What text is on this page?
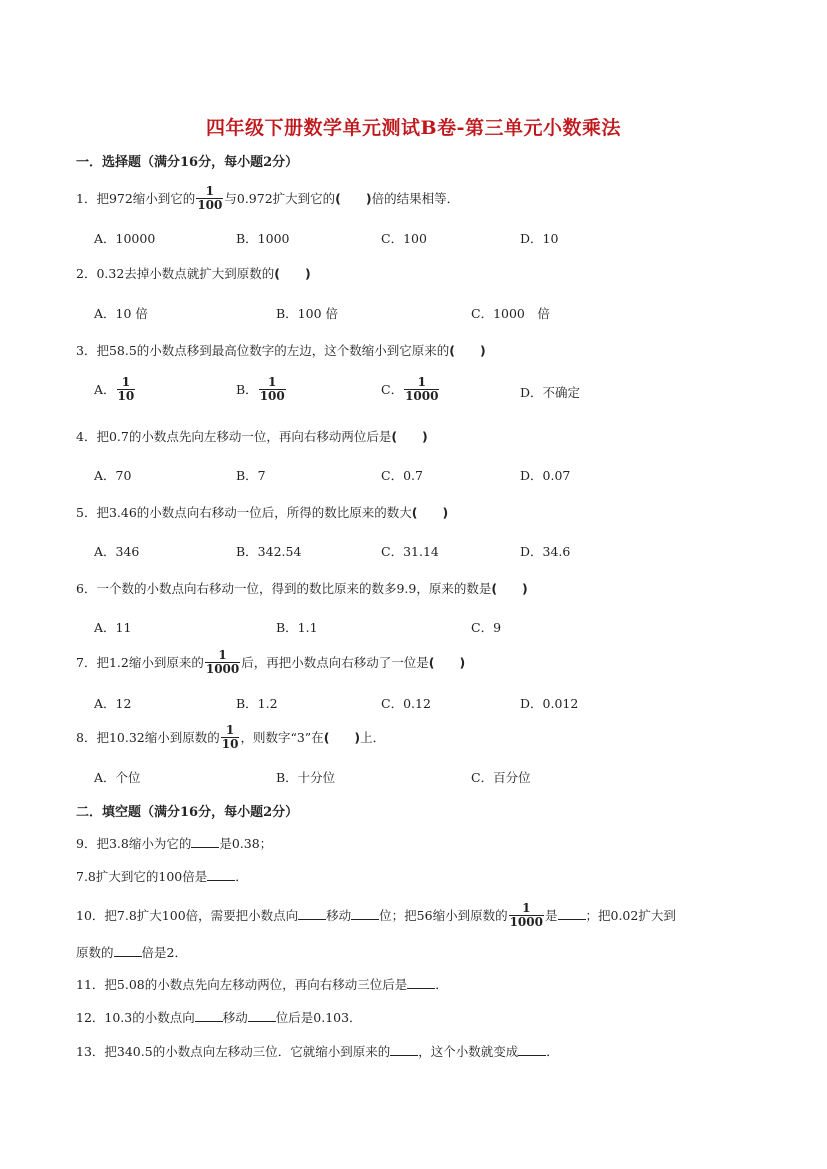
四年级下册数学单元测试B卷-第三单元小数乘法
一．选择题（满分16分，每小题2分）
1．把972缩小到它的 $\frac{1}{100}$ 与0.972扩大到它的(　　)倍的结果相等．
A．10000	B．1000	C．100	D．10
2．0.32去掉小数点就扩大到原数的(　　)
A．10 倍	B．100 倍	C．1000　倍
3．把58.5的小数点移到最高位数字的左边，这个数缩小到它原来的(　　)
A． $\frac{1}{10}$	B． $\frac{1}{100}$	C． $\frac{1}{1000}$	D．不确定
4．把0.7的小数点先向左移动一位，再向右移动两位后是(　　)
A．70	B．7	C．0.7	D．0.07
5．把3.46的小数点向右移动一位后，所得的数比原来的数大(　　)
A．346	B．342.54	C．31.14	D．34.6
6．一个数的小数点向右移动一位，得到的数比原来的数多9.9，原来的数是(　　)
A．11	B．1.1	C．9
7．把1.2缩小到原来的 $\frac{1}{1000}$ 后，再把小数点向右移动了一位是(　　)
A．12	B．1.2	C．0.12	D．0.012
8．把10.32缩小到原数的 $\frac{1}{10}$ ，则数字“3”在(　　)上．
A．个位	B．十分位	C．百分位
二．填空题（满分16分，每小题2分）
9．把3.8缩小为它的 是0.38；
7.8扩大到它的100倍是 ．
10．把7.8扩大100倍，需要把小数点向 移动 位；把56缩小到原数的 $\frac{1}{1000}$ 是 ；把0.02扩大到
原数的 倍是2．
11．把5.08的小数点先向左移动两位，再向右移动三位后是 ．
12．10.3的小数点向 移动 位后是0.103．
13．把340.5的小数点向左移动三位．它就缩小到原来的 ，这个小数就变成 ．
